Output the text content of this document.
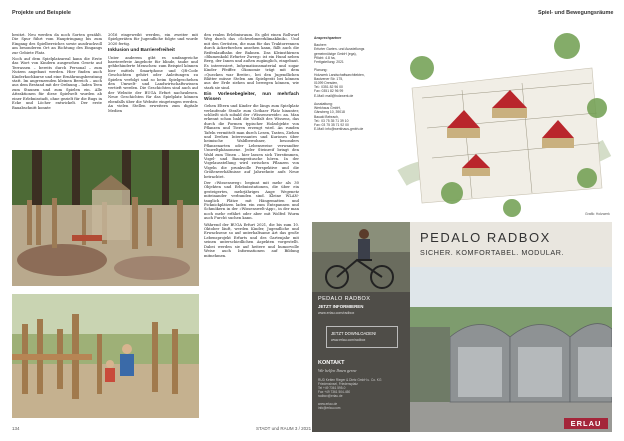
Projekte und Beispiele	Spiel- und Bewegungsräume

besitzt. Neu werden da noch Sorten gezählt. Die Spur führt vom Hauptringang bis zum Eingang des Spielbereiches sowie ausdruckvoll am besonderen Ort an Richtung des Eingangs zur Gebiete Platz.

Noch auf dem Spielplatzareal kann die Erste das Wort von Kindern ausgesehen Gesetz auf Terrassen – bereits durch Personal – zum Nutzen angebaut werden. Hier finden auch Kinderkochkurse und eine Ernährungsberatung statt. Im angrenzenden kleinen Bereich – auch aus dem Bestand mit der Ordnung – laden Teen zum Staunen und zum Spielen ein. Alle Attraktionen für diese Spielwelt wurden ab einer Erlebnisstadt, ohne gezielt für die Bugs in Ecke und Löcher entwickelt. Der erste Bauabschnitt konnte

2016 eingeweiht werden, ein zweiter mit Spielgeräten für Jugendliche folgte und wurde 2020 fertig.

Inklusion und Barrierefreiheit

Unter anderem gibt es umfangreiche barrierefreie Angebote für blinde, taube und gehbehinderte Menschen: zum Beispiel können hier mittels Smartphone und QR-Code Geschichten gehört oder Anleitungen zu Spielen verfolgt und so beim Spielgeschehen den Umwelt- und Landwirtschaftswissen vertieft werden. Die Geschichten sind auch auf der Website der BUGA Erfurt nachzulesen. Neue Geschichten für das Spielplatz können ebenfalls über die Website eingetragen werden. An vielen Stellen erweitern zum digitale Medien

den realen Erlebnisraum. Es gibt einen Rollwurf Weg durch das »Schwebmeerklimaklinik«. Und mit den Gerüsten, die man für das Traktorrennen durch Ackerfurchen ansehen kann, fällt auch die Reifenlaufbahn der Bahnen. Das Kleinsthirnen »Blumenkohl Erfurter Zwerg« ist ein Hund neben Berg, der Innen und außen zugänglich, eingebaut. Es interessiert, Informationsmaterial und sogar Kinder Pfeiffer. Ökonomie trägt mit dem »Quecken war Breite«, bei den Jugendlichen Blätter müsse Stelen am Spielgerät bei können aus der Erde ziehen und bewegen können, wie stark sie sind.

Ein Vorlesebegleiter, nun mehrfach Wissen

Gehen Eltern und Kinder die längs zum Spielplatz verlaufende Straße zum Gothaer Platz hinunter, schließt sich sobald der »Wissensweide« an. Man erkennt schon bald die Vielfalt des Wissens, das durch die Formen typischer Holzobjekte von Pflanzen und Tieren erzeugt wird. An runden Tafeln vermittelt man durch Lesen, Tasten, Ziehen und Drehen Interessantes und Kurioses über heimische Waldbewohner, besonders Pflanzenarten oder Lebensweise verwandter Umweltphänomene. Jeder Steinreif bringt den Wald zum Tönen – hier lassen sich Tierstimmen, Vogel- und Baumgeräusche hören. In der Vogelausstellung wird zwischen Pflanzen von Vögeln die prunkvolle Perspektive und die Größenverhältnisse auf Jahrzehnte aufs Neue betrachtet.

Der »Wissensweg« beginnt mit mehr als 30 Objekten und Erlebnisstationen, die über ein gesteigertes, mehrjähriges Auge Wegenetz miteinander verbunden sind. Kleine WLAN-tauglich Plätze mit Hängematten und Picknickplätzen laden ein zum Entspannen und Schmökern in der »Wissenswelt-App«, in der man noch mehr erfährt oder aber mit Wolfed Wurm auch Furcht suchen kann.

Während der BUGA Erfurt 2021, die bis zum 10. Oktober läuft, werden Kinder, Jugendliche und Erwachsene so auf unterhaltsame Art das große Lebensprojekt Erfurts und des Gartenjahr mit seinen unterschiedlichen Aspekten vorgestellt. Dabei werden sie auf heitere und humorvolle Weise auch Informationen auf Bildung mitnehmen.

Grafik: Holzwerk
Ansprechpartner
Bauherr:
Erfurter Garten- und Ausstellungs
gemeinnützige GmbH (ega),
Pflicht: 4.8 ha,
Fertigstellung: 2021

Planung:
Holzwerk Landschaftsarchitekten,
Bautzener Str. 175,
01099 Dresden,
Tel.: 0351 82 96 00
Fax: 0351 82 96 99
E-Mail: mail@holzwerk.de

Ausstattung:
Werkhaus GmbH,
Gänsberg 10, 39018
Bauaki Bebrach,
Tel.: 03 75 35 71 39 10
Fax: 03 75 35 71 92 00
E-Mail: info@werkhaus-gmbh.de
PEDALO RADBOX
JETZT INFORMIEREN
www.erlau.com/radbox
JETZT DOWNLOADEN!
www.erlau.com/radbox
KONTAKT
Wir helfen Ihnen gerne
RUD Ketten Rieger & Dietz GmbH u. Co. KG
Friedensinsel, Friedensplatz
Tel +49 7361 595-0
Fax +49 7361 504-450
radbox@erlau.de

www.erlau.de
info@erlau.com
PEDALO RADBOX
SICHER. KOMFORTABEL. MODULAR.
ERLAU
134	STADT und RAUM 3 / 2021
